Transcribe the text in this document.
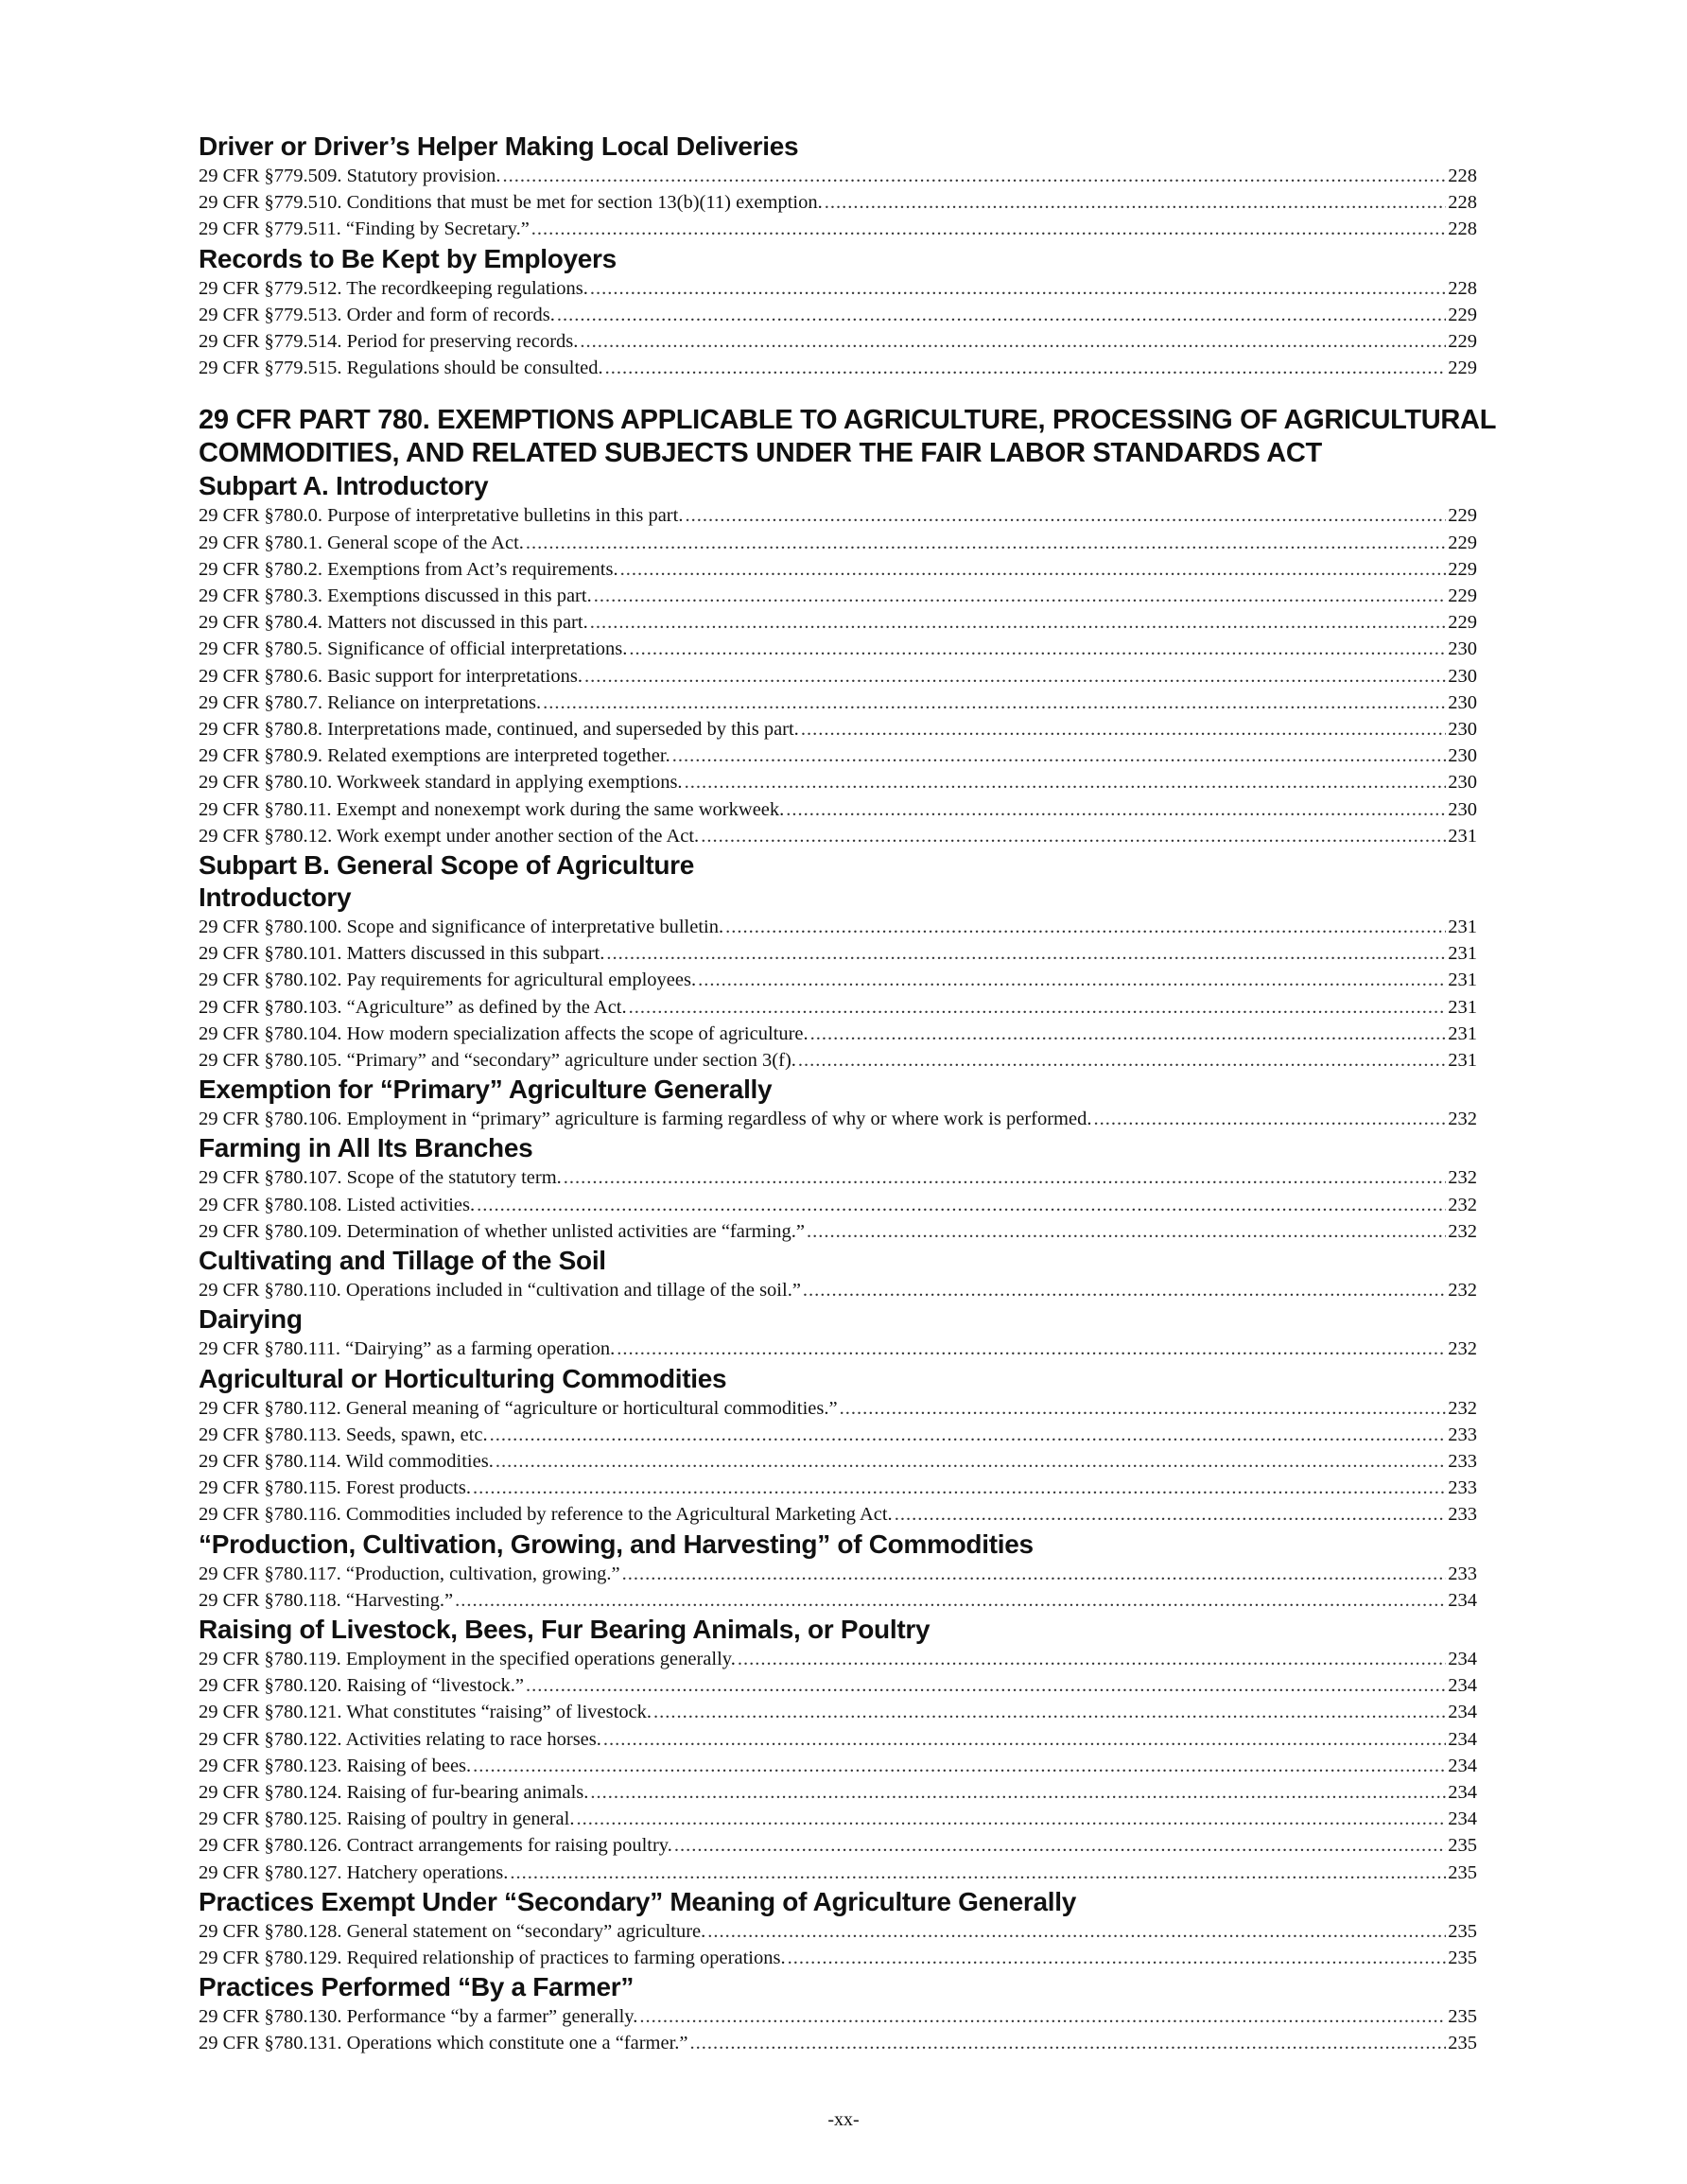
Driver or Driver’s Helper Making Local Deliveries
29 CFR §779.509. Statutory provision. .....	228
29 CFR §779.510. Conditions that must be met for section 13(b)(11) exemption. .....	228
29 CFR §779.511. “Finding by Secretary.” .....	228
Records to Be Kept by Employers
29 CFR §779.512. The recordkeeping regulations. .....	228
29 CFR §779.513. Order and form of records. .....	229
29 CFR §779.514. Period for preserving records. .....	229
29 CFR §779.515. Regulations should be consulted. .....	229
29 CFR PART 780. EXEMPTIONS APPLICABLE TO AGRICULTURE, PROCESSING OF AGRICULTURAL
COMMODITIES, AND RELATED SUBJECTS UNDER THE FAIR LABOR STANDARDS ACT
Subpart A. Introductory
29 CFR §780.0. Purpose of interpretative bulletins in this part. .....	229
29 CFR §780.1. General scope of the Act. .....	229
29 CFR §780.2. Exemptions from Act’s requirements. .....	229
29 CFR §780.3. Exemptions discussed in this part. .....	229
29 CFR §780.4. Matters not discussed in this part. .....	229
29 CFR §780.5. Significance of official interpretations. .....	230
29 CFR §780.6. Basic support for interpretations. .....	230
29 CFR §780.7. Reliance on interpretations. .....	230
29 CFR §780.8. Interpretations made, continued, and superseded by this part. .....	230
29 CFR §780.9. Related exemptions are interpreted together. .....	230
29 CFR §780.10. Workweek standard in applying exemptions. .....	230
29 CFR §780.11. Exempt and nonexempt work during the same workweek. .....	230
29 CFR §780.12. Work exempt under another section of the Act. .....	231
Subpart B. General Scope of Agriculture
Introductory
29 CFR §780.100. Scope and significance of interpretative bulletin. .....	231
29 CFR §780.101. Matters discussed in this subpart. .....	231
29 CFR §780.102. Pay requirements for agricultural employees. .....	231
29 CFR §780.103. “Agriculture” as defined by the Act. .....	231
29 CFR §780.104. How modern specialization affects the scope of agriculture. .....	231
29 CFR §780.105. “Primary” and “secondary” agriculture under section 3(f). .....	231
Exemption for “Primary” Agriculture Generally
29 CFR §780.106. Employment in “primary” agriculture is farming regardless of why or where work is performed. .....	232
Farming in All Its Branches
29 CFR §780.107. Scope of the statutory term. .....	232
29 CFR §780.108. Listed activities. .....	232
29 CFR §780.109. Determination of whether unlisted activities are “farming.” .....	232
Cultivating and Tillage of the Soil
29 CFR §780.110. Operations included in “cultivation and tillage of the soil.” .....	232
Dairying
29 CFR §780.111. “Dairying” as a farming operation. .....	232
Agricultural or Horticulturing Commodities
29 CFR §780.112. General meaning of “agriculture or horticultural commodities.” .....	232
29 CFR §780.113. Seeds, spawn, etc. .....	233
29 CFR §780.114. Wild commodities. .....	233
29 CFR §780.115. Forest products. .....	233
29 CFR §780.116. Commodities included by reference to the Agricultural Marketing Act. .....	233
“Production, Cultivation, Growing, and Harvesting” of Commodities
29 CFR §780.117. “Production, cultivation, growing.” .....	233
29 CFR §780.118. “Harvesting.” .....	234
Raising of Livestock, Bees, Fur Bearing Animals, or Poultry
29 CFR §780.119. Employment in the specified operations generally. .....	234
29 CFR §780.120. Raising of “livestock.” .....	234
29 CFR §780.121. What constitutes “raising” of livestock. .....	234
29 CFR §780.122. Activities relating to race horses. .....	234
29 CFR §780.123. Raising of bees. .....	234
29 CFR §780.124. Raising of fur-bearing animals. .....	234
29 CFR §780.125. Raising of poultry in general. .....	234
29 CFR §780.126. Contract arrangements for raising poultry. .....	235
29 CFR §780.127. Hatchery operations. .....	235
Practices Exempt Under “Secondary” Meaning of Agriculture Generally
29 CFR §780.128. General statement on “secondary” agriculture. .....	235
29 CFR §780.129. Required relationship of practices to farming operations. .....	235
Practices Performed “By a Farmer”
29 CFR §780.130. Performance “by a farmer” generally. .....	235
29 CFR §780.131. Operations which constitute one a “farmer.” .....	235
-xx-
